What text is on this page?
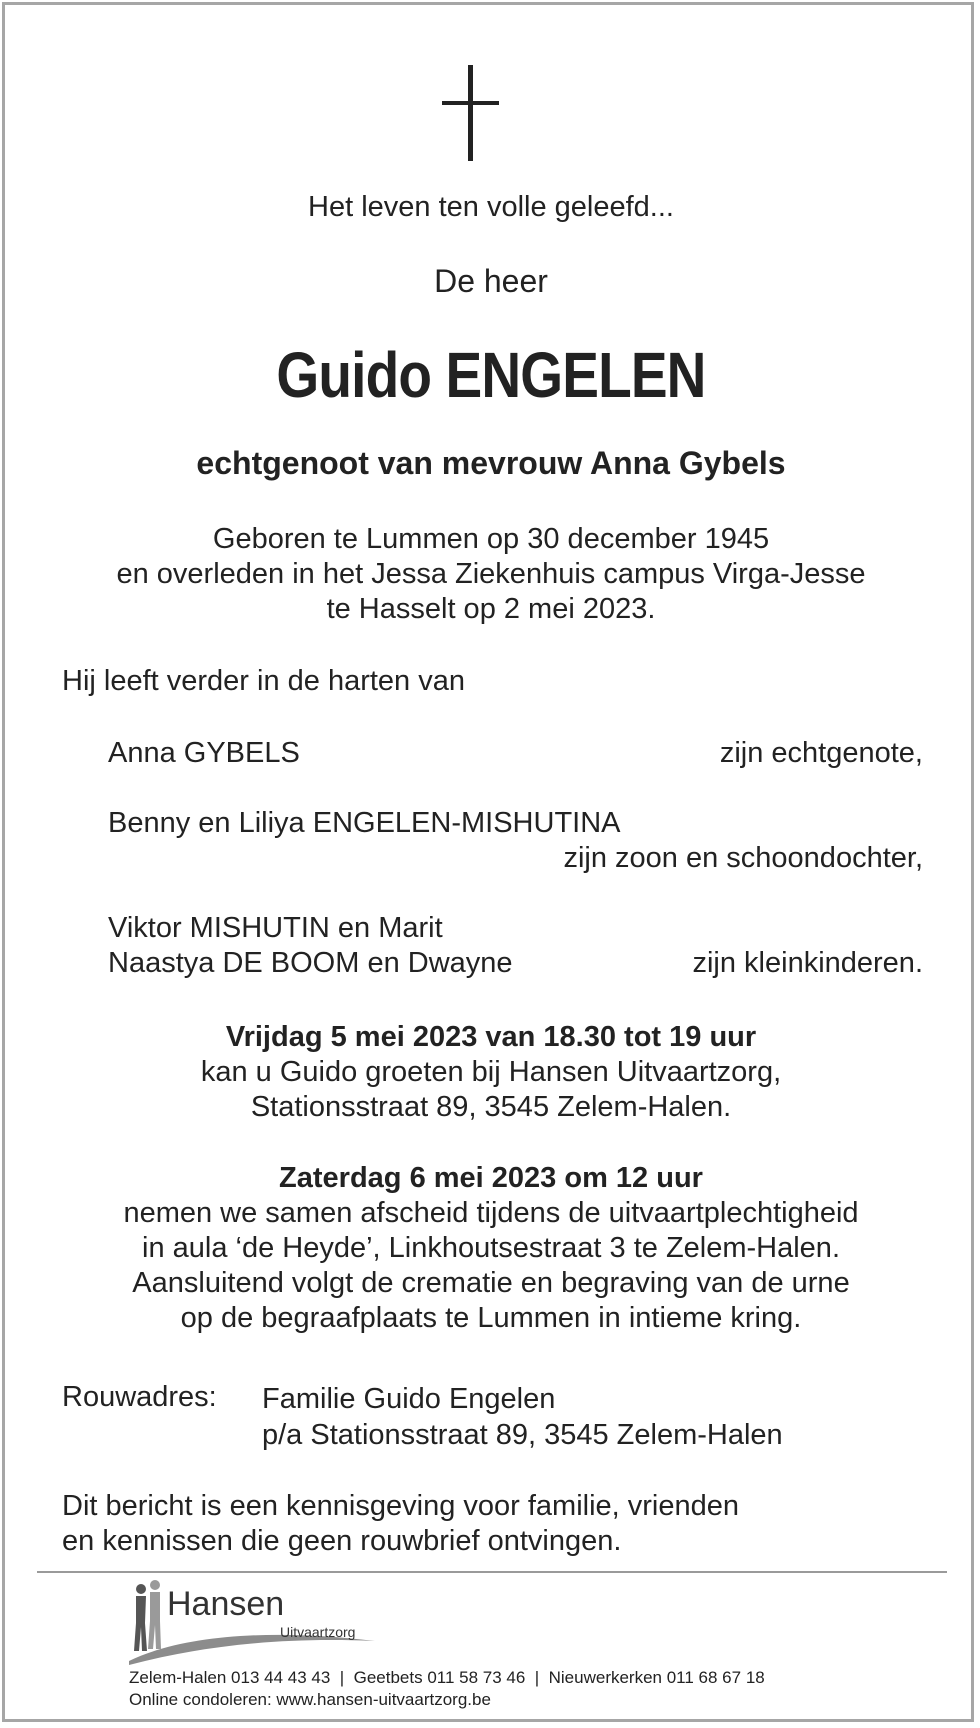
Het leven ten volle geleefd...
De heer
Guido ENGELEN
echtgenoot van mevrouw Anna Gybels
Geboren te Lummen op 30 december 1945
en overleden in het Jessa Ziekenhuis campus Virga-Jesse
te Hasselt op 2 mei 2023.
Hij leeft verder in de harten van
Anna GYBELS	zijn echtgenote,
Benny en Liliya ENGELEN-MISHUTINA
zijn zoon en schoondochter,
Viktor MISHUTIN en Marit
Naastya DE BOOM en Dwayne	zijn kleinkinderen.
Vrijdag 5 mei 2023 van 18.30 tot 19 uur
kan u Guido groeten bij Hansen Uitvaartzorg,
Stationsstraat 89, 3545 Zelem-Halen.
Zaterdag 6 mei 2023 om 12 uur
nemen we samen afscheid tijdens de uitvaartplechtigheid
in aula ‘de Heyde’, Linkhoutsestraat 3 te Zelem-Halen.
Aansluitend volgt de crematie en begraving van de urne
op de begraafplaats te Lummen in intieme kring.
Rouwadres: Familie Guido Engelen
p/a Stationsstraat 89, 3545 Zelem-Halen
Dit bericht is een kennisgeving voor familie, vrienden
en kennissen die geen rouwbrief ontvingen.
Hansen
Uitvaartzorg
Zelem-Halen 013 44 43 43  |  Geetbets 011 58 73 46  |  Nieuwerkerken 011 68 67 18
Online condoleren: www.hansen-uitvaartzorg.be
